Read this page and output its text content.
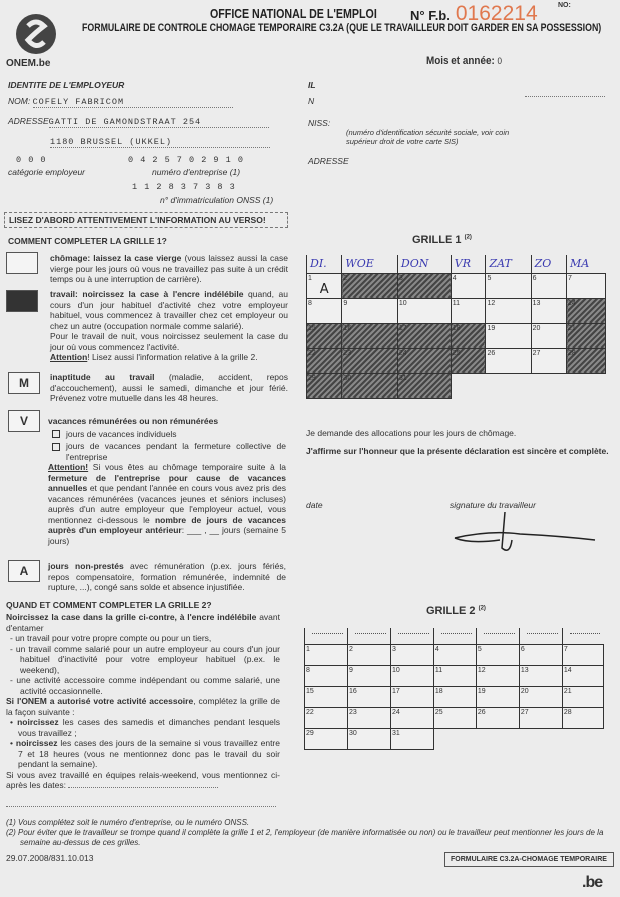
ONEM.be
OFFICE NATIONAL DE L'EMPLOI
FORMULAIRE DE CONTROLE CHOMAGE TEMPORAIRE C3.2A (QUE LE TRAVAILLEUR DOIT GARDER EN SA POSSESSION)
N° F.b. 0162214	NO:
Mois et année: 0
IDENTITE DE L'EMPLOYEUR
NOM: COFELY FABRICOM
ADRESSEGATTI DE GAMONDSTRAAT 254
1180 BRUSSEL (UKKEL)
0 0 0
catégorie employeur
0 4 2 5 7 0 2 9 1 0
numéro d'entreprise (1)
1 1 2 8 3 7 3 8 3
n° d'immatriculation ONSS (1)
IL
N
NISS:
(numéro d'identification sécurité sociale, voir coin supérieur droit de votre carte SIS)
ADRESSE
LISEZ D'ABORD ATTENTIVEMENT L'INFORMATION AU VERSO!
COMMENT COMPLETER LA GRILLE 1?
chômage: laissez la case vierge (vous laissez aussi la case vierge pour les jours où vous ne travaillez pas suite à un crédit temps ou à une interruption de carrière).
travail: noircissez la case à l'encre indélébile quand, au cours d'un jour habituel d'activité chez votre employeur habituel, vous commencez à travailler chez cet employeur ou chez un autre (occupation normale comme salarié).
Pour le travail de nuit, vous noircissez seulement la case du jour où vous commencez l'activité.
Attention! Lisez aussi l'information relative à la grille 2.
M	inaptitude au travail (maladie, accident, repos d'accouchement), aussi le samedi, dimanche et jour férié. Prévenez votre mutuelle dans les 48 heures.
V	vacances rémunérées ou non rémunérées
jours de vacances individuels
jours de vacances pendant la fermeture collective de l'entreprise
Attention! Si vous êtes au chômage temporaire suite à la fermeture de l'entreprise pour cause de vacances annuelles et que pendant l'année en cours vous avez pris des vacances rémunérées (vacances jeunes et séniors incluses) auprès d'un autre employeur que l'employeur actuel, vous mentionnez ci-dessous le nombre de jours de vacances auprès d'un employeur antérieur: ___ , __ jours (semaine 5 jours)
A	jours non-prestés avec rémunération (p.ex. jours fériés, repos compensatoire, formation rémunérée, indemnité de rupture, ...), congé sans solde et absence injustifiée.
QUAND ET COMMENT COMPLETER LA GRILLE 2?
Noircissez la case dans la grille ci-contre, à l'encre indélébile avant d'entamer
- un travail pour votre propre compte ou pour un tiers,
- un travail comme salarié pour un autre employeur au cours d'un jour habituel d'inactivité pour votre employeur habituel (p.ex. le weekend),
- une activité accessoire comme indépendant ou comme salarié, une activité occasionnelle.
Si l'ONEM a autorisé votre activité accessoire, complétez la grille de la façon suivante :
• noircissez les cases des samedis et dimanches pendant lesquels vous travaillez ;
• noircissez les cases des jours de la semaine si vous travaillez entre 7 et 18 heures (vous ne mentionnez donc pas le travail du soir pendant la semaine).
Si vous avez travaillé en équipes relais-weekend, vous mentionnez ci-après les dates:
GRILLE 1 $^{(2)}$
DI.	WOE	DON	VR	ZAT	ZO	MA
1
A	2	3	4	5	6	7
8	9	10	11	12	13	14
15	16	17	18	19	20	21
22	23	24	25	26	27	28
29	30	31				
Je demande des allocations pour les jours de chômage.
J'affirme sur l'honneur que la présente déclaration est sincère et complète.
date	signature du travailleur
GRILLE 2 $^{(2)}$

1	2	3	4	5	6	7
8	9	10	11	12	13	14
15	16	17	18	19	20	21
22	23	24	25	26	27	28
29	30	31				
(1) Vous complétez soit le numéro d'entreprise, ou le numéro ONSS.
(2) Pour éviter que le travailleur se trompe quand il complète la grille 1 et 2, l'employeur (de manière informatisée ou non) ou le travailleur peut mentionner les jours de la semaine au-dessus de ces grilles.
29.07.2008/831.10.013	FORMULAIRE C3.2A-CHOMAGE TEMPORAIRE
.be
